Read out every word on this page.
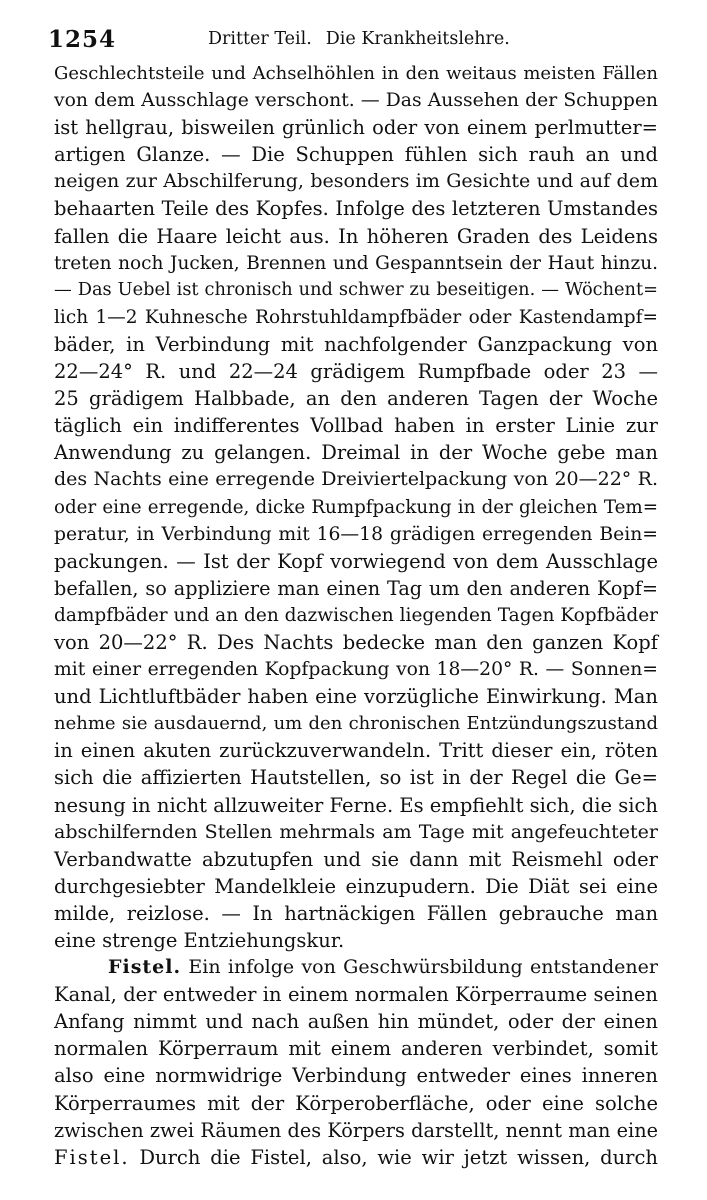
1254	Dritter Teil. Die Krankheitslehre.
Geschlechtsteile und Achselhöhlen in den weitaus meisten Fällen
von dem Ausschlage verschont. — Das Aussehen der Schuppen
ist hellgrau, bisweilen grünlich oder von einem perlmutter=
artigen Glanze. — Die Schuppen fühlen sich rauh an und
neigen zur Abschilferung, besonders im Gesichte und auf dem
behaarten Teile des Kopfes. Infolge des letzteren Umstandes
fallen die Haare leicht aus. In höheren Graden des Leidens
treten noch Jucken, Brennen und Gespanntsein der Haut hinzu.
— Das Uebel ist chronisch und schwer zu beseitigen. — Wöchent=
lich 1—2 Kuhnesche Rohrstuhldampfbäder oder Kastendampf=
bäder, in Verbindung mit nachfolgender Ganzpackung von
22—24° R. und 22—24 grädigem Rumpfbade oder 23 —
25 grädigem Halbbade, an den anderen Tagen der Woche
täglich ein indifferentes Vollbad haben in erster Linie zur
Anwendung zu gelangen. Dreimal in der Woche gebe man
des Nachts eine erregende Dreiviertelpackung von 20—22° R.
oder eine erregende, dicke Rumpfpackung in der gleichen Tem=
peratur, in Verbindung mit 16—18 grädigen erregenden Bein=
packungen. — Ist der Kopf vorwiegend von dem Ausschlage
befallen, so appliziere man einen Tag um den anderen Kopf=
dampfbäder und an den dazwischen liegenden Tagen Kopfbäder
von 20—22° R. Des Nachts bedecke man den ganzen Kopf
mit einer erregenden Kopfpackung von 18—20° R. — Sonnen=
und Lichtluftbäder haben eine vorzügliche Einwirkung. Man
nehme sie ausdauernd, um den chronischen Entzündungszustand
in einen akuten zurückzuverwandeln. Tritt dieser ein, röten
sich die affizierten Hautstellen, so ist in der Regel die Ge=
nesung in nicht allzuweiter Ferne. Es empfiehlt sich, die sich
abschilfernden Stellen mehrmals am Tage mit angefeuchteter
Verbandwatte abzutupfen und sie dann mit Reismehl oder
durchgesiebter Mandelkleie einzupudern. Die Diät sei eine
milde, reizlose. — In hartnäckigen Fällen gebrauche man
eine strenge Entziehungskur.
Fistel. Ein infolge von Geschwürsbildung entstandener
Kanal, der entweder in einem normalen Körperraume seinen
Anfang nimmt und nach außen hin mündet, oder der einen
normalen Körperraum mit einem anderen verbindet, somit
also eine normwidrige Verbindung entweder eines inneren
Körperraumes mit der Körperoberfläche, oder eine solche
zwischen zwei Räumen des Körpers darstellt, nennt man eine
Fistel. Durch die Fistel, also, wie wir jetzt wissen, durch
